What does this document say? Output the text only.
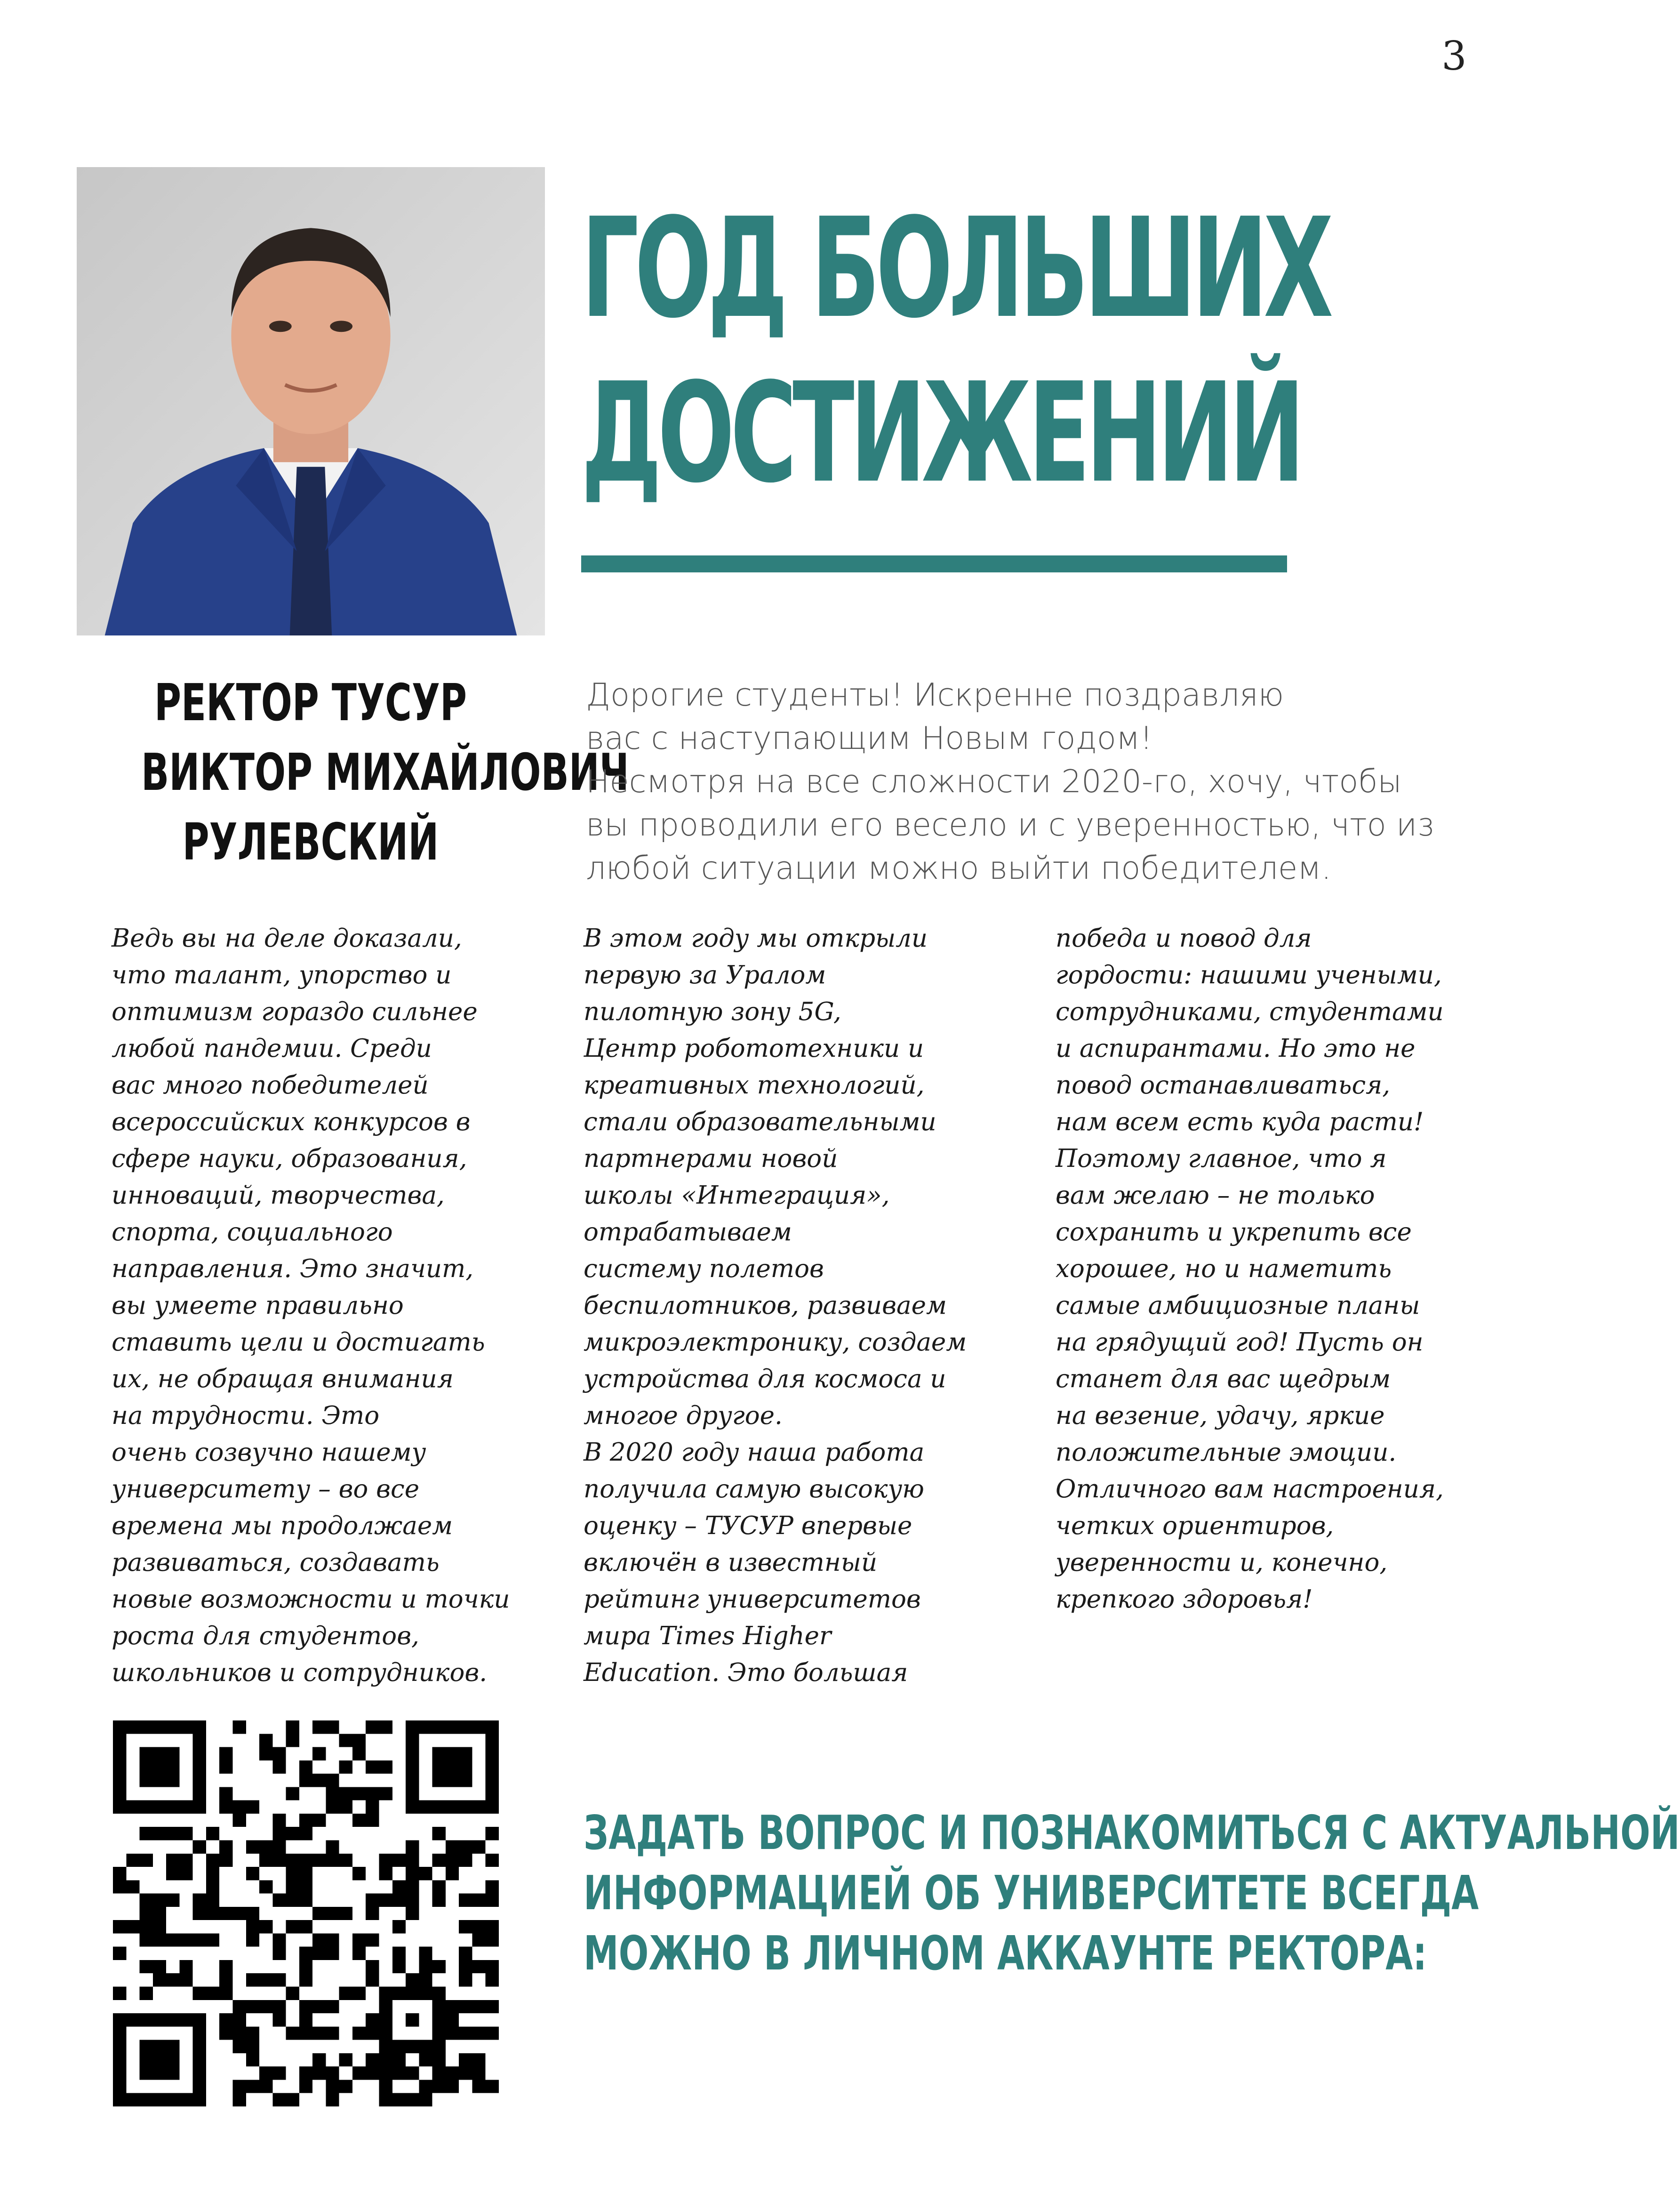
3
ГОД БОЛЬШИХ
ДОСТИЖЕНИЙ
РЕКТОР ТУСУР
ВИКТОР МИХАЙЛОВИЧ
РУЛЕВСКИЙ

Дорогие студенты! Искренне поздравляю
вас с наступающим Новым годом!
Несмотря на все сложности 2020-го, хочу, чтобы
вы проводили его весело и с уверенностью, что из
любой ситуации можно выйти победителем.

Ведь вы на деле доказали,
что талант, упорство и
оптимизм гораздо сильнее
любой пандемии. Среди
вас много победителей
всероссийских конкурсов в
сфере науки, образования,
инноваций, творчества,
спорта, социального
направления. Это значит,
вы умеете правильно
ставить цели и достигать
их, не обращая внимания
на трудности. Это
очень созвучно нашему
университету – во все
времена мы продолжаем
развиваться, создавать
новые возможности и точки
роста для студентов,
школьников и сотрудников.
В этом году мы открыли
первую за Уралом
пилотную зону 5G,
Центр робототехники и
креативных технологий,
стали образовательными
партнерами новой
школы «Интеграция»,
отрабатываем
систему полетов
беспилотников, развиваем
микроэлектронику, создаем
устройства для космоса и
многое другое.
В 2020 году наша работа
получила самую высокую
оценку – ТУСУР впервые
включён в известный
рейтинг университетов
мира Times Higher
Education. Это большая
победа и повод для
гордости: нашими учеными,
сотрудниками, студентами
и аспирантами. Но это не
повод останавливаться,
нам всем есть куда расти!
Поэтому главное, что я
вам желаю – не только
сохранить и укрепить все
хорошее, но и наметить
самые амбициозные планы
на грядущий год! Пусть он
станет для вас щедрым
на везение, удачу, яркие
положительные эмоции.
Отличного вам настроения,
четких ориентиров,
уверенности и, конечно,
крепкого здоровья!

ЗАДАТЬ ВОПРОС И ПОЗНАКОМИТЬСЯ С АКТУАЛЬНОЙ
ИНФОРМАЦИЕЙ ОБ УНИВЕРСИТЕТЕ ВСЕГДА
МОЖНО В ЛИЧНОМ АККАУНТЕ РЕКТОРА:
